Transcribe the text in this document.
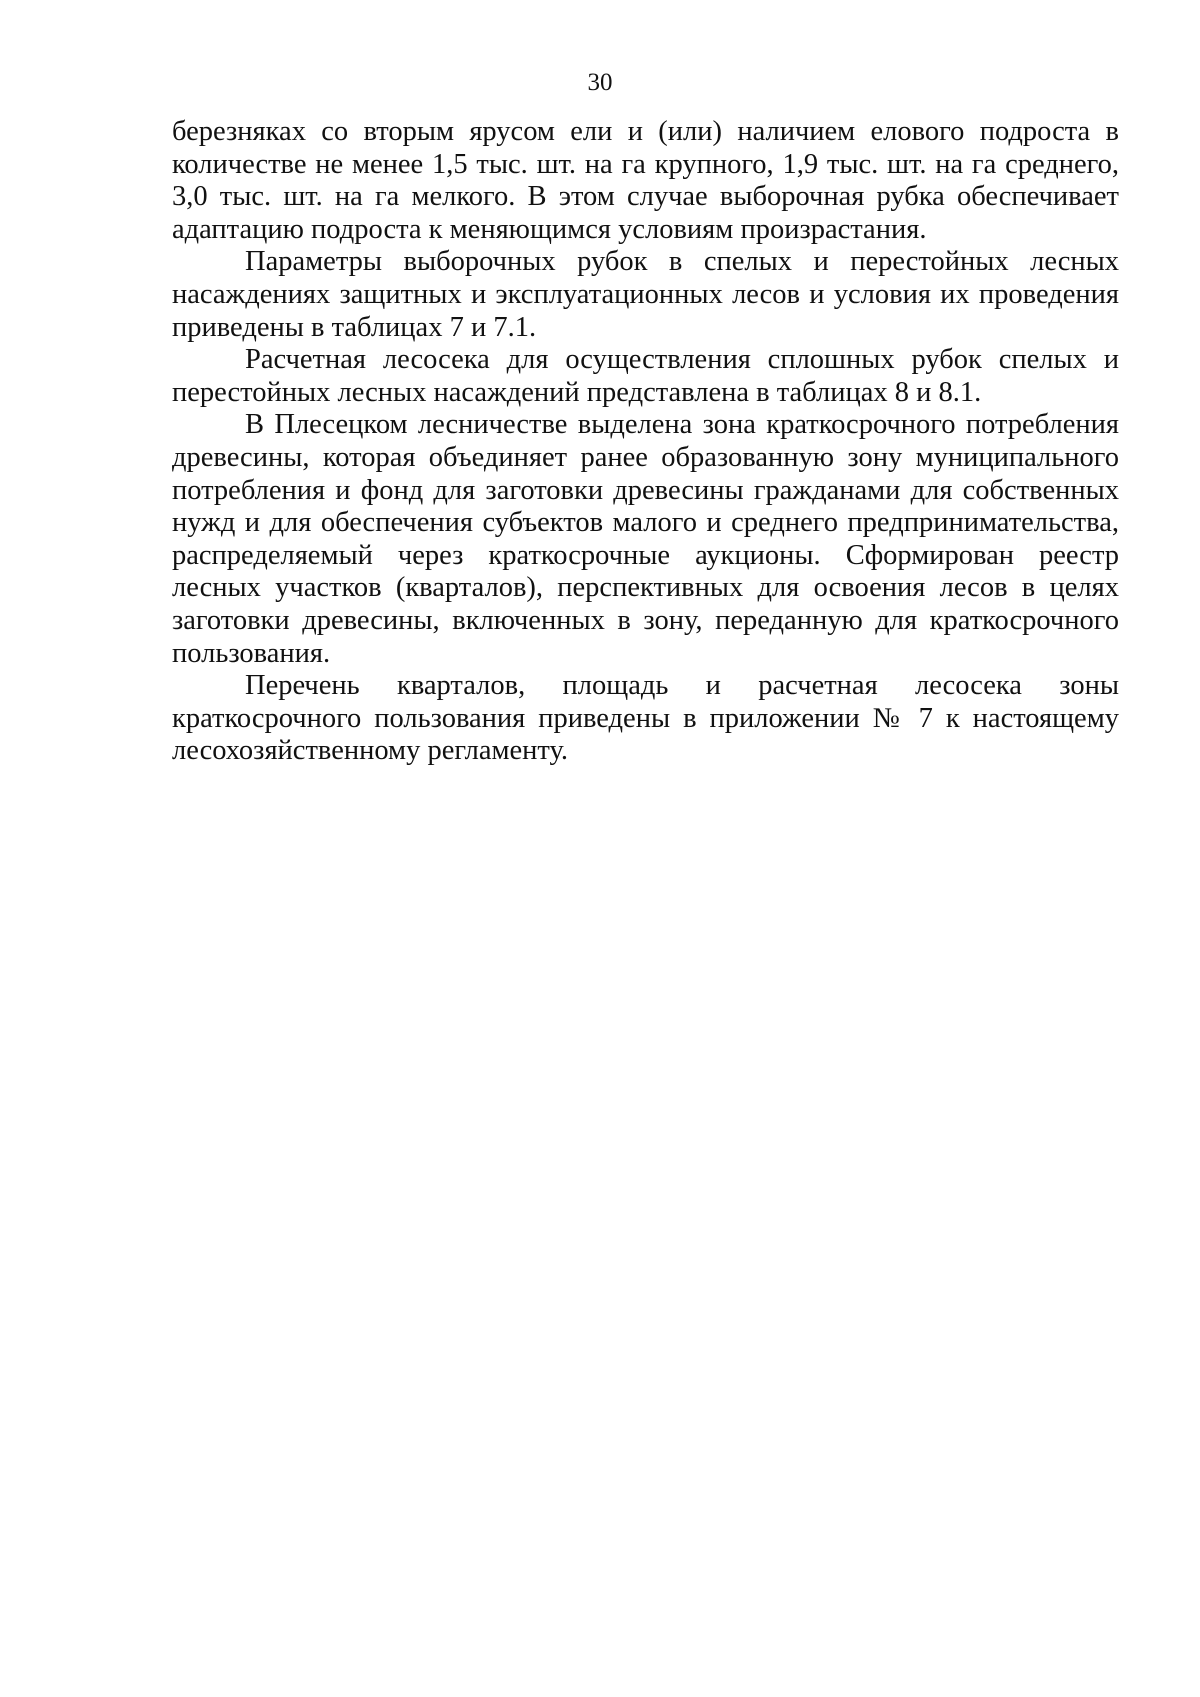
30

березняках со вторым ярусом ели и (или) наличием елового подроста в количестве не менее 1,5 тыс. шт. на га крупного, 1,9 тыс. шт. на га среднего, 3,0 тыс. шт. на га мелкого. В этом случае выборочная рубка обеспечивает адаптацию подроста к меняющимся условиям произрастания.

Параметры выборочных рубок в спелых и перестойных лесных насаждениях защитных и эксплуатационных лесов и условия их проведения приведены в таблицах 7 и 7.1.

Расчетная лесосека для осуществления сплошных рубок спелых и перестойных лесных насаждений представлена в таблицах 8 и 8.1.

В Плесецком лесничестве выделена зона краткосрочного потребления древесины, которая объединяет ранее образованную зону муниципального потребления и фонд для заготовки древесины гражданами для собственных нужд и для обеспечения субъектов малого и среднего предпринимательства, распределяемый через краткосрочные аукционы. Сформирован реестр лесных участков (кварталов), перспективных для освоения лесов в целях заготовки древесины, включенных в зону, переданную для краткосрочного пользования.

Перечень кварталов, площадь и расчетная лесосека зоны краткосрочного пользования приведены в приложении № 7 к настоящему лесохозяйственному регламенту.
